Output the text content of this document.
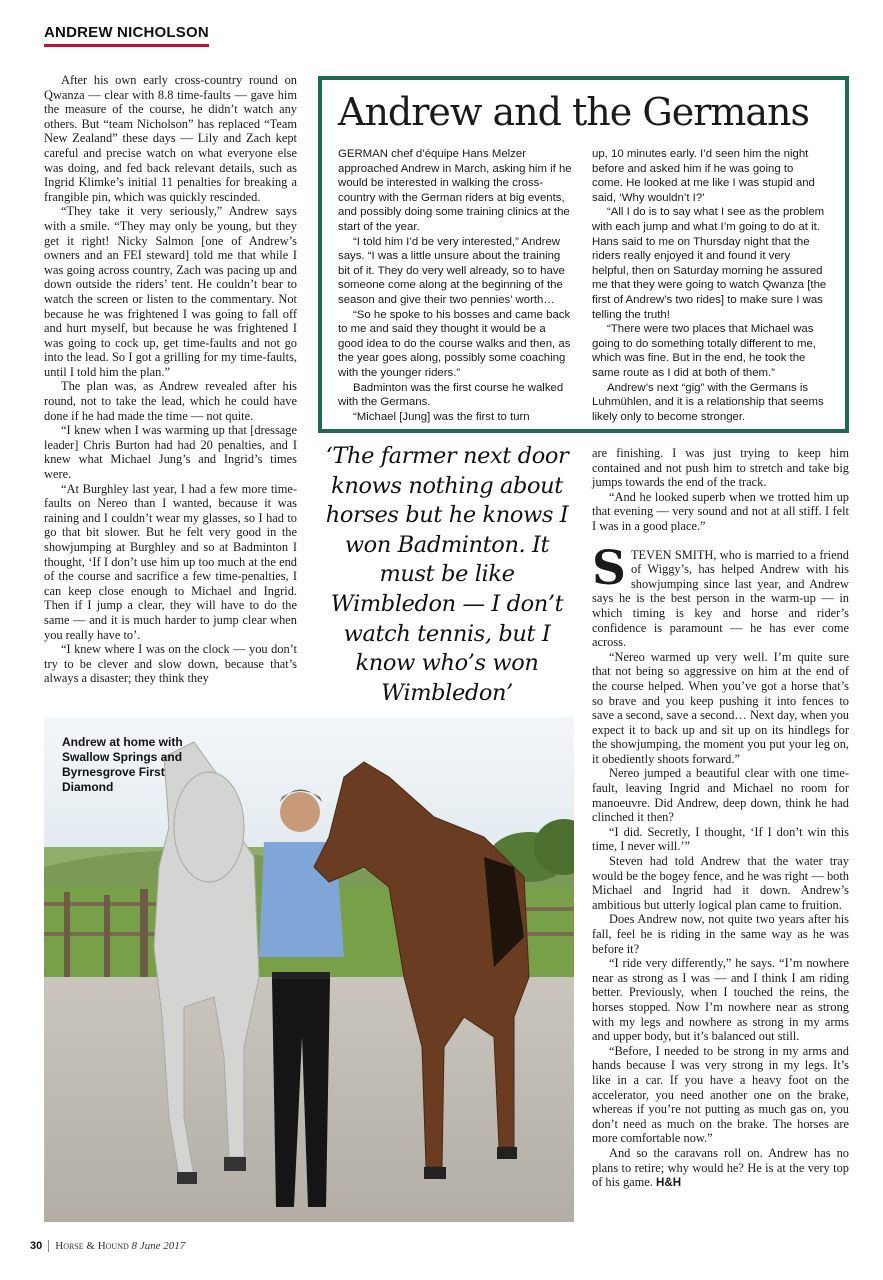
ANDREW NICHOLSON

After his own early cross-country round on Qwanza — clear with 8.8 time-faults — gave him the measure of the course, he didn’t watch any others. But “team Nicholson” has replaced “Team New Zealand” these days — Lily and Zach kept careful and precise watch on what everyone else was doing, and fed back relevant details, such as Ingrid Klimke’s initial 11 penalties for breaking a frangible pin, which was quickly rescinded.

“They take it very seriously,” Andrew says with a smile. “They may only be young, but they get it right! Nicky Salmon [one of Andrew’s owners and an FEI steward] told me that while I was going across country, Zach was pacing up and down outside the riders’ tent. He couldn’t bear to watch the screen or listen to the commentary. Not because he was frightened I was going to fall off and hurt myself, but because he was frightened I was going to cock up, get time-faults and not go into the lead. So I got a grilling for my time-faults, until I told him the plan.”

The plan was, as Andrew revealed after his round, not to take the lead, which he could have done if he had made the time — not quite.

“I knew when I was warming up that [dressage leader] Chris Burton had had 20 penalties, and I knew what Michael Jung’s and Ingrid’s times were.

“At Burghley last year, I had a few more time-faults on Nereo than I wanted, because it was raining and I couldn’t wear my glasses, so I had to go that bit slower. But he felt very good in the showjumping at Burghley and so at Badminton I thought, ‘If I don’t use him up too much at the end of the course and sacrifice a few time-penalties, I can keep close enough to Michael and Ingrid. Then if I jump a clear, they will have to do the same — and it is much harder to jump clear when you really have to’.

“I knew where I was on the clock — you don’t try to be clever and slow down, because that’s always a disaster; they think they

Andrew and the Germans

GERMAN chef d’équipe Hans Melzer approached Andrew in March, asking him if he would be interested in walking the cross-country with the German riders at big events, and possibly doing some training clinics at the start of the year.

“I told him I’d be very interested,” Andrew says. “I was a little unsure about the training bit of it. They do very well already, so to have someone come along at the beginning of the season and give their two pennies’ worth…

“So he spoke to his bosses and came back to me and said they thought it would be a good idea to do the course walks and then, as the year goes along, possibly some coaching with the younger riders.”

Badminton was the first course he walked with the Germans.

“Michael [Jung] was the first to turn

up, 10 minutes early. I’d seen him the night before and asked him if he was going to come. He looked at me like I was stupid and said, ‘Why wouldn’t I?’

“All I do is to say what I see as the problem with each jump and what I’m going to do at it. Hans said to me on Thursday night that the riders really enjoyed it and found it very helpful, then on Saturday morning he assured me that they were going to watch Qwanza [the first of Andrew’s two rides] to make sure I was telling the truth!

“There were two places that Michael was going to do something totally different to me, which was fine. But in the end, he took the same route as I did at both of them.”

Andrew’s next “gig” with the Germans is Luhmühlen, and it is a relationship that seems likely only to become stronger.

‘The farmer next door knows nothing about horses but he knows I won Badminton. It must be like Wimbledon — I don’t watch tennis, but I know who’s won Wimbledon’

are finishing. I was just trying to keep him contained and not push him to stretch and take big jumps towards the end of the track.

“And he looked superb when we trotted him up that evening — very sound and not at all stiff. I felt I was in a good place.”

STEVEN SMITH, who is married to a friend of Wiggy’s, has helped Andrew with his showjumping since last year, and Andrew says he is the best person in the warm-up — in which timing is key and horse and rider’s confidence is paramount — he has ever come across.

“Nereo warmed up very well. I’m quite sure that not being so aggressive on him at the end of the course helped. When you’ve got a horse that’s so brave and you keep pushing it into fences to save a second, save a second… Next day, when you expect it to back up and sit up on its hindlegs for the showjumping, the moment you put your leg on, it obediently shoots forward.”

Nereo jumped a beautiful clear with one time-fault, leaving Ingrid and Michael no room for manoeuvre. Did Andrew, deep down, think he had clinched it then?

“I did. Secretly, I thought, ‘If I don’t win this time, I never will.’”

Steven had told Andrew that the water tray would be the bogey fence, and he was right — both Michael and Ingrid had it down. Andrew’s ambitious but utterly logical plan came to fruition.

Does Andrew now, not quite two years after his fall, feel he is riding in the same way as he was before it?

“I ride very differently,” he says. “I’m nowhere near as strong as I was — and I think I am riding better. Previously, when I touched the reins, the horses stopped. Now I’m nowhere near as strong with my legs and nowhere as strong in my arms and upper body, but it’s balanced out still.

“Before, I needed to be strong in my arms and hands because I was very strong in my legs. It’s like in a car. If you have a heavy foot on the accelerator, you need another one on the brake, whereas if you’re not putting as much gas on, you don’t need as much on the brake. The horses are more comfortable now.”

And so the caravans roll on. Andrew has no plans to retire; why would he? He is at the very top of his game. H&H

Andrew at home with Swallow Springs and Byrnesgrove First Diamond
30 Horse & Hound 8 June 2017
